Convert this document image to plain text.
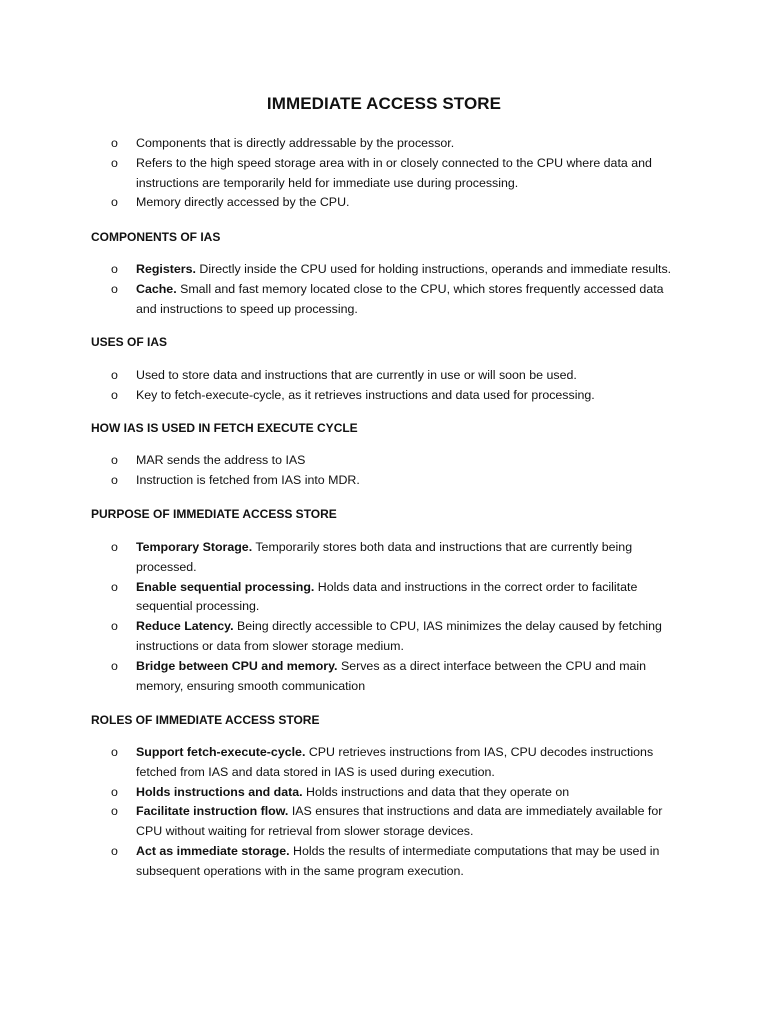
IMMEDIATE ACCESS STORE
o Components that is directly addressable by the processor.
o Refers to the high speed storage area with in or closely connected to the CPU where data and instructions are temporarily held for immediate use during processing.
o Memory directly accessed by the CPU.
COMPONENTS OF IAS
o Registers. Directly inside the CPU used for holding instructions, operands and immediate results.
o Cache. Small and fast memory located close to the CPU, which stores frequently accessed data and instructions to speed up processing.
USES OF IAS
o Used to store data and instructions that are currently in use or will soon be used.
o Key to fetch-execute-cycle, as it retrieves instructions and data used for processing.
HOW IAS IS USED IN FETCH EXECUTE CYCLE
o MAR sends the address to IAS
o Instruction is fetched from IAS into MDR.
PURPOSE OF IMMEDIATE ACCESS STORE
o Temporary Storage. Temporarily stores both data and instructions that are currently being processed.
o Enable sequential processing. Holds data and instructions in the correct order to facilitate sequential processing.
o Reduce Latency. Being directly accessible to CPU, IAS minimizes the delay caused by fetching instructions or data from slower storage medium.
o Bridge between CPU and memory. Serves as a direct interface between the CPU and main memory, ensuring smooth communication
ROLES OF IMMEDIATE ACCESS STORE
o Support fetch-execute-cycle. CPU retrieves instructions from IAS, CPU decodes instructions fetched from IAS and data stored in IAS is used during execution.
o Holds instructions and data. Holds instructions and data that they operate on
o Facilitate instruction flow. IAS ensures that instructions and data are immediately available for CPU without waiting for retrieval from slower storage devices.
o Act as immediate storage. Holds the results of intermediate computations that may be used in subsequent operations with in the same program execution.
